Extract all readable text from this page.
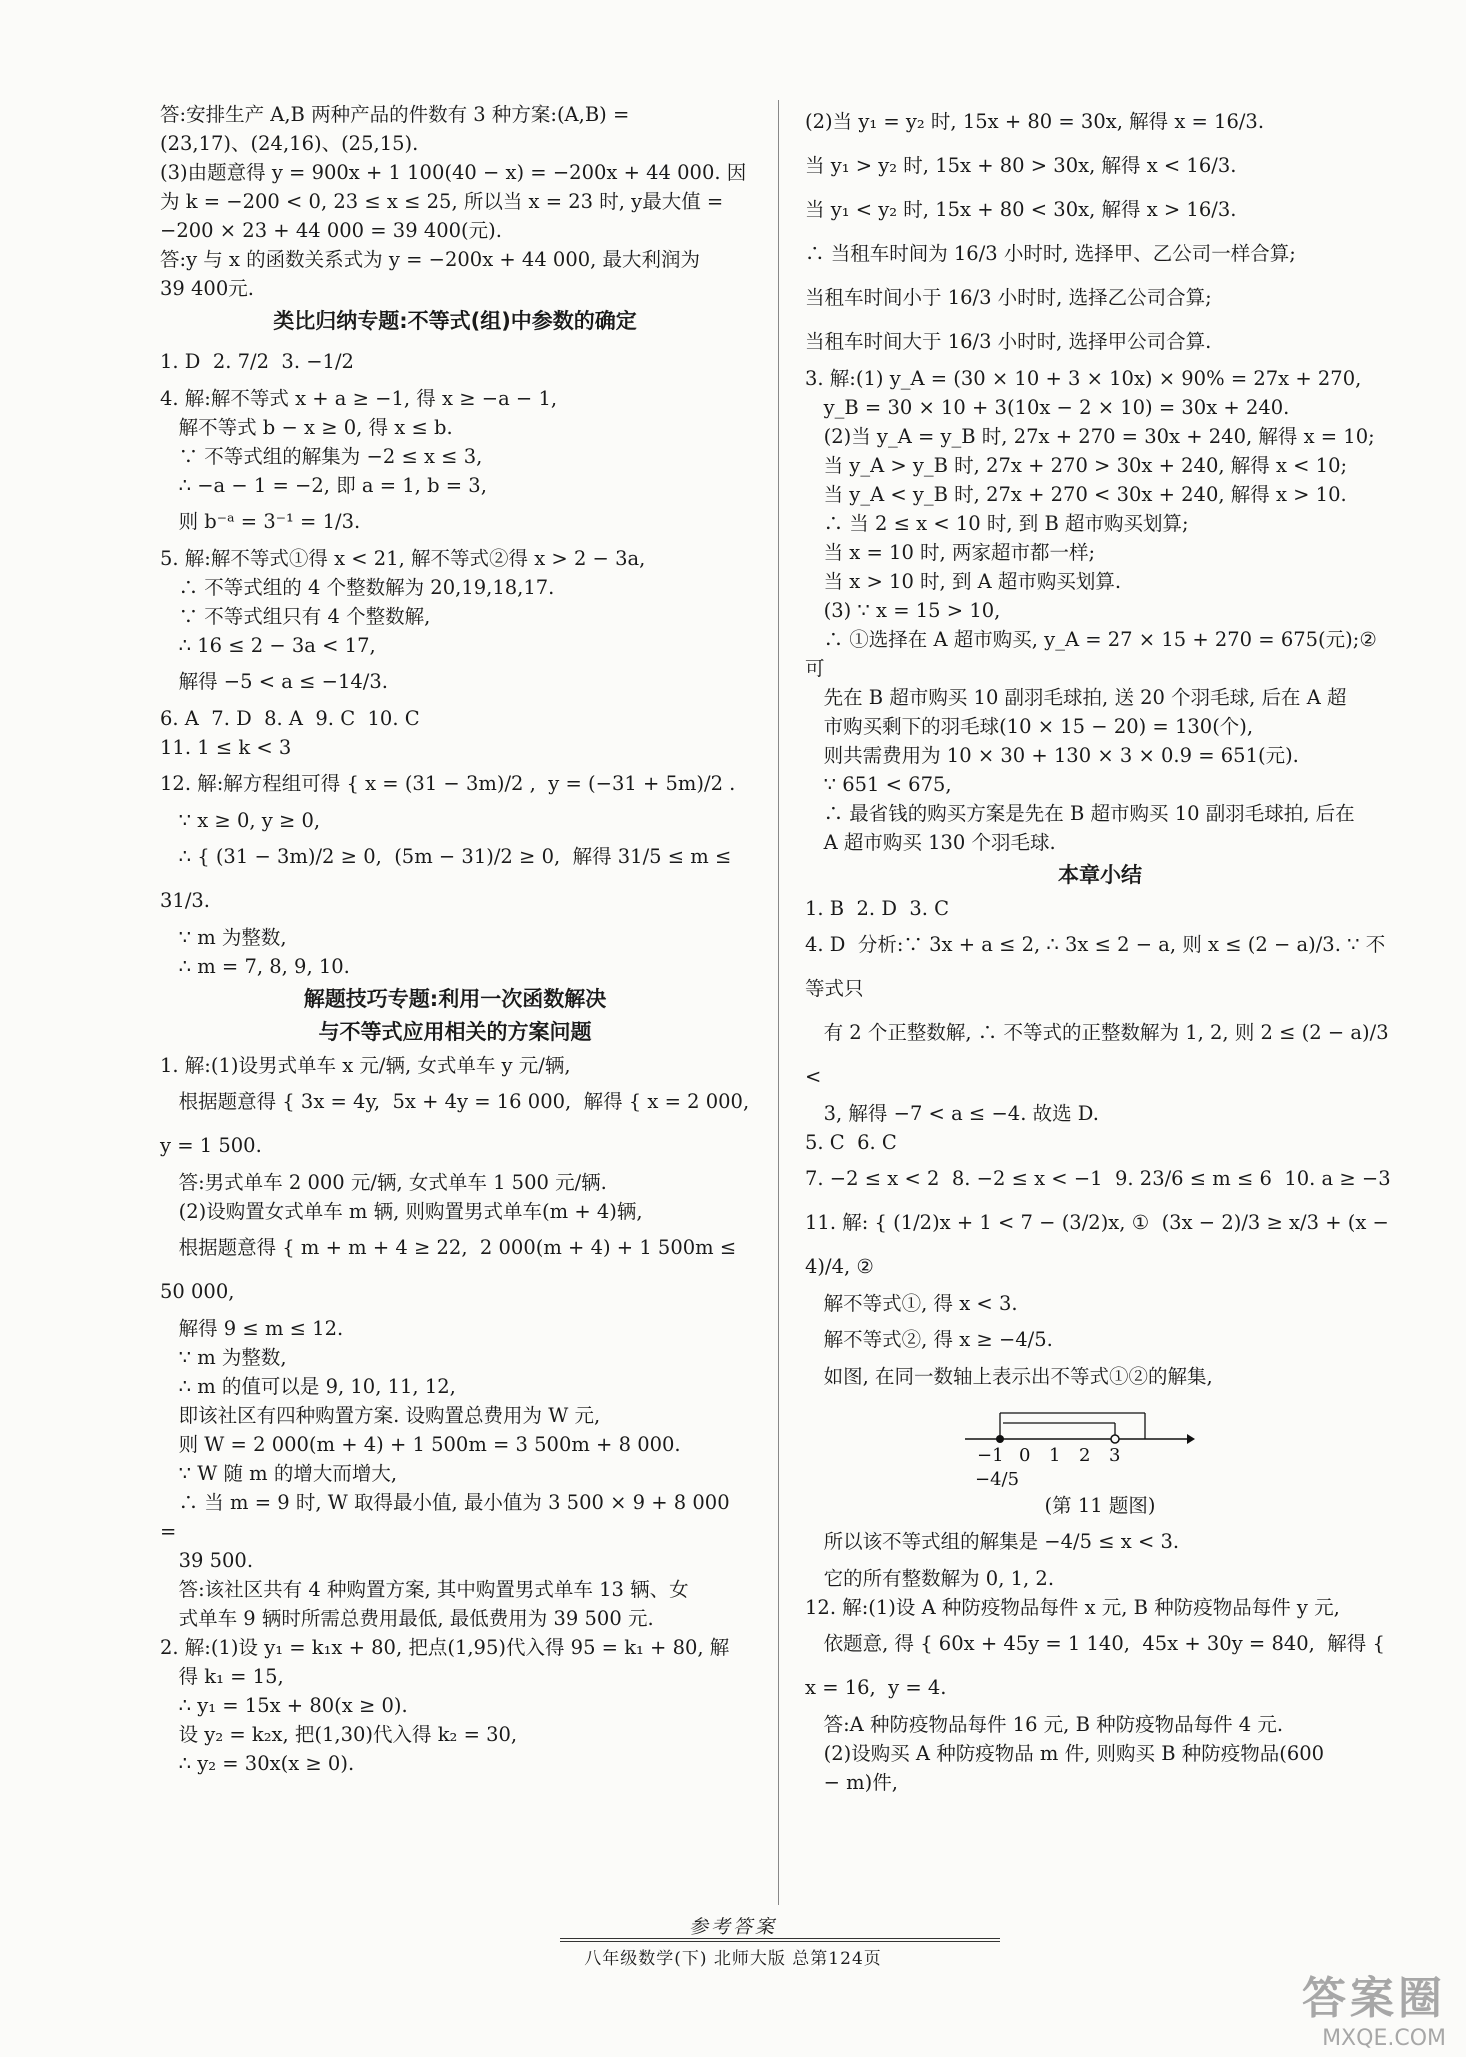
答:安排生产 A,B 两种产品的件数有 3 种方案:(A,B) =

(23,17)、(24,16)、(25,15).

(3)由题意得 y = 900x + 1 100(40 − x) = −200x + 44 000. 因

为 k = −200 < 0, 23 ≤ x ≤ 25, 所以当 x = 23 时, y最大值 =

−200 × 23 + 44 000 = 39 400(元).

答:y 与 x 的函数关系式为 y = −200x + 44 000, 最大利润为

39 400元.

类比归纳专题:不等式(组)中参数的确定

1. D  2. 7/2  3. −1/2

4. 解:解不等式 x + a ≥ −1, 得 x ≥ −a − 1,

解不等式 b − x ≥ 0, 得 x ≤ b.

∵ 不等式组的解集为 −2 ≤ x ≤ 3,

∴ −a − 1 = −2, 即 a = 1, b = 3,

则 b⁻ᵃ = 3⁻¹ = 1/3.

5. 解:解不等式①得 x < 21, 解不等式②得 x > 2 − 3a,

∴ 不等式组的 4 个整数解为 20,19,18,17.

∵ 不等式组只有 4 个整数解,

∴ 16 ≤ 2 − 3a < 17,

解得 −5 < a ≤ −14/3.

6. A  7. D  8. A  9. C  10. C

11. 1 ≤ k < 3

12. 解:解方程组可得 { x = (31 − 3m)/2 ,  y = (−31 + 5m)/2 .

∵ x ≥ 0, y ≥ 0,

∴ { (31 − 3m)/2 ≥ 0,  (5m − 31)/2 ≥ 0,  解得 31/5 ≤ m ≤ 31/3.

∵ m 为整数,

∴ m = 7, 8, 9, 10.

解题技巧专题:利用一次函数解决

与不等式应用相关的方案问题

1. 解:(1)设男式单车 x 元/辆, 女式单车 y 元/辆,

根据题意得 { 3x = 4y,  5x + 4y = 16 000,  解得 { x = 2 000,  y = 1 500.

答:男式单车 2 000 元/辆, 女式单车 1 500 元/辆.

(2)设购置女式单车 m 辆, 则购置男式单车(m + 4)辆,

根据题意得 { m + m + 4 ≥ 22,  2 000(m + 4) + 1 500m ≤ 50 000,

解得 9 ≤ m ≤ 12.

∵ m 为整数,

∴ m 的值可以是 9, 10, 11, 12,

即该社区有四种购置方案. 设购置总费用为 W 元,

则 W = 2 000(m + 4) + 1 500m = 3 500m + 8 000.

∵ W 随 m 的增大而增大,

∴ 当 m = 9 时, W 取得最小值, 最小值为 3 500 × 9 + 8 000 =

39 500.

答:该社区共有 4 种购置方案, 其中购置男式单车 13 辆、女

式单车 9 辆时所需总费用最低, 最低费用为 39 500 元.

2. 解:(1)设 y₁ = k₁x + 80, 把点(1,95)代入得 95 = k₁ + 80, 解

得 k₁ = 15,

∴ y₁ = 15x + 80(x ≥ 0).

设 y₂ = k₂x, 把(1,30)代入得 k₂ = 30,

∴ y₂ = 30x(x ≥ 0).

(2)当 y₁ = y₂ 时, 15x + 80 = 30x, 解得 x = 16/3.

当 y₁ > y₂ 时, 15x + 80 > 30x, 解得 x < 16/3.

当 y₁ < y₂ 时, 15x + 80 < 30x, 解得 x > 16/3.

∴ 当租车时间为 16/3 小时时, 选择甲、乙公司一样合算;

当租车时间小于 16/3 小时时, 选择乙公司合算;

当租车时间大于 16/3 小时时, 选择甲公司合算.

3. 解:(1) y_A = (30 × 10 + 3 × 10x) × 90% = 27x + 270,

y_B = 30 × 10 + 3(10x − 2 × 10) = 30x + 240.

(2)当 y_A = y_B 时, 27x + 270 = 30x + 240, 解得 x = 10;

当 y_A > y_B 时, 27x + 270 > 30x + 240, 解得 x < 10;

当 y_A < y_B 时, 27x + 270 < 30x + 240, 解得 x > 10.

∴ 当 2 ≤ x < 10 时, 到 B 超市购买划算;

当 x = 10 时, 两家超市都一样;

当 x > 10 时, 到 A 超市购买划算.

(3) ∵ x = 15 > 10,

∴ ①选择在 A 超市购买, y_A = 27 × 15 + 270 = 675(元);②可

先在 B 超市购买 10 副羽毛球拍, 送 20 个羽毛球, 后在 A 超

市购买剩下的羽毛球(10 × 15 − 20) = 130(个),

则共需费用为 10 × 30 + 130 × 3 × 0.9 = 651(元).

∵ 651 < 675,

∴ 最省钱的购买方案是先在 B 超市购买 10 副羽毛球拍, 后在

A 超市购买 130 个羽毛球.

本章小结

1. B  2. D  3. C

4. D  分析:∵ 3x + a ≤ 2, ∴ 3x ≤ 2 − a, 则 x ≤ (2 − a)/3. ∵ 不等式只

有 2 个正整数解, ∴ 不等式的正整数解为 1, 2, 则 2 ≤ (2 − a)/3 <

3, 解得 −7 < a ≤ −4. 故选 D.

5. C  6. C

7. −2 ≤ x < 2  8. −2 ≤ x < −1  9. 23/6 ≤ m ≤ 6  10. a ≥ −3

11. 解: { (1/2)x + 1 < 7 − (3/2)x, ①  (3x − 2)/3 ≥ x/3 + (x − 4)/4, ②

解不等式①, 得 x < 3.

解不等式②, 得 x ≥ −4/5.

如图, 在同一数轴上表示出不等式①②的解集,

−1 0 1 2 3
−4/5

(第 11 题图)

所以该不等式组的解集是 −4/5 ≤ x < 3.

它的所有整数解为 0, 1, 2.

12. 解:(1)设 A 种防疫物品每件 x 元, B 种防疫物品每件 y 元,

依题意, 得 { 60x + 45y = 1 140,  45x + 30y = 840,  解得 { x = 16,  y = 4.

答:A 种防疫物品每件 16 元, B 种防疫物品每件 4 元.

(2)设购买 A 种防疫物品 m 件, 则购买 B 种防疫物品(600

− m)件,

参考答案
八年级数学(下) 北师大版 总第124页
答案圈
MXQE.COM
